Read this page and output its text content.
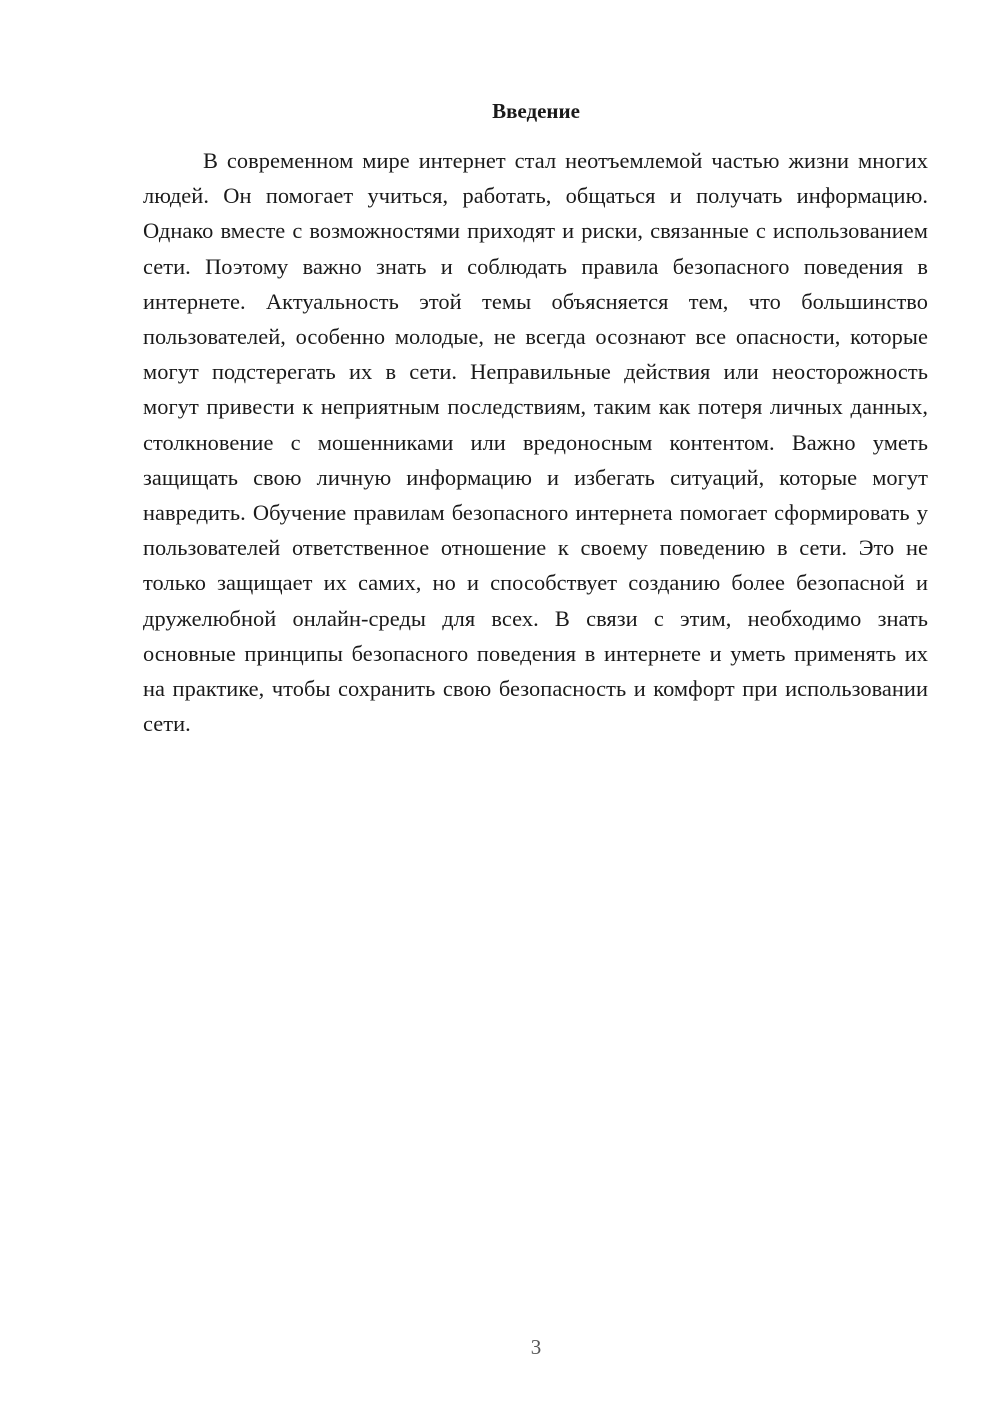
Введение

В современном мире интернет стал неотъемлемой частью жизни многих людей. Он помогает учиться, работать, общаться и получать информацию. Однако вместе с возможностями приходят и риски, связанные с использованием сети. Поэтому важно знать и соблюдать правила безопасного поведения в интернете. Актуальность этой темы объясняется тем, что большинство пользователей, особенно молодые, не всегда осознают все опасности, которые могут подстерегать их в сети. Неправильные действия или неосторожность могут привести к неприятным последствиям, таким как потеря личных данных, столкновение с мошенниками или вредоносным контентом. Важно уметь защищать свою личную информацию и избегать ситуаций, которые могут навредить. Обучение правилам безопасного интернета помогает сформировать у пользователей ответственное отношение к своему поведению в сети. Это не только защищает их самих, но и способствует созданию более безопасной и дружелюбной онлайн-среды для всех. В связи с этим, необходимо знать основные принципы безопасного поведения в интернете и уметь применять их на практике, чтобы сохранить свою безопасность и комфорт при использовании сети.

3
